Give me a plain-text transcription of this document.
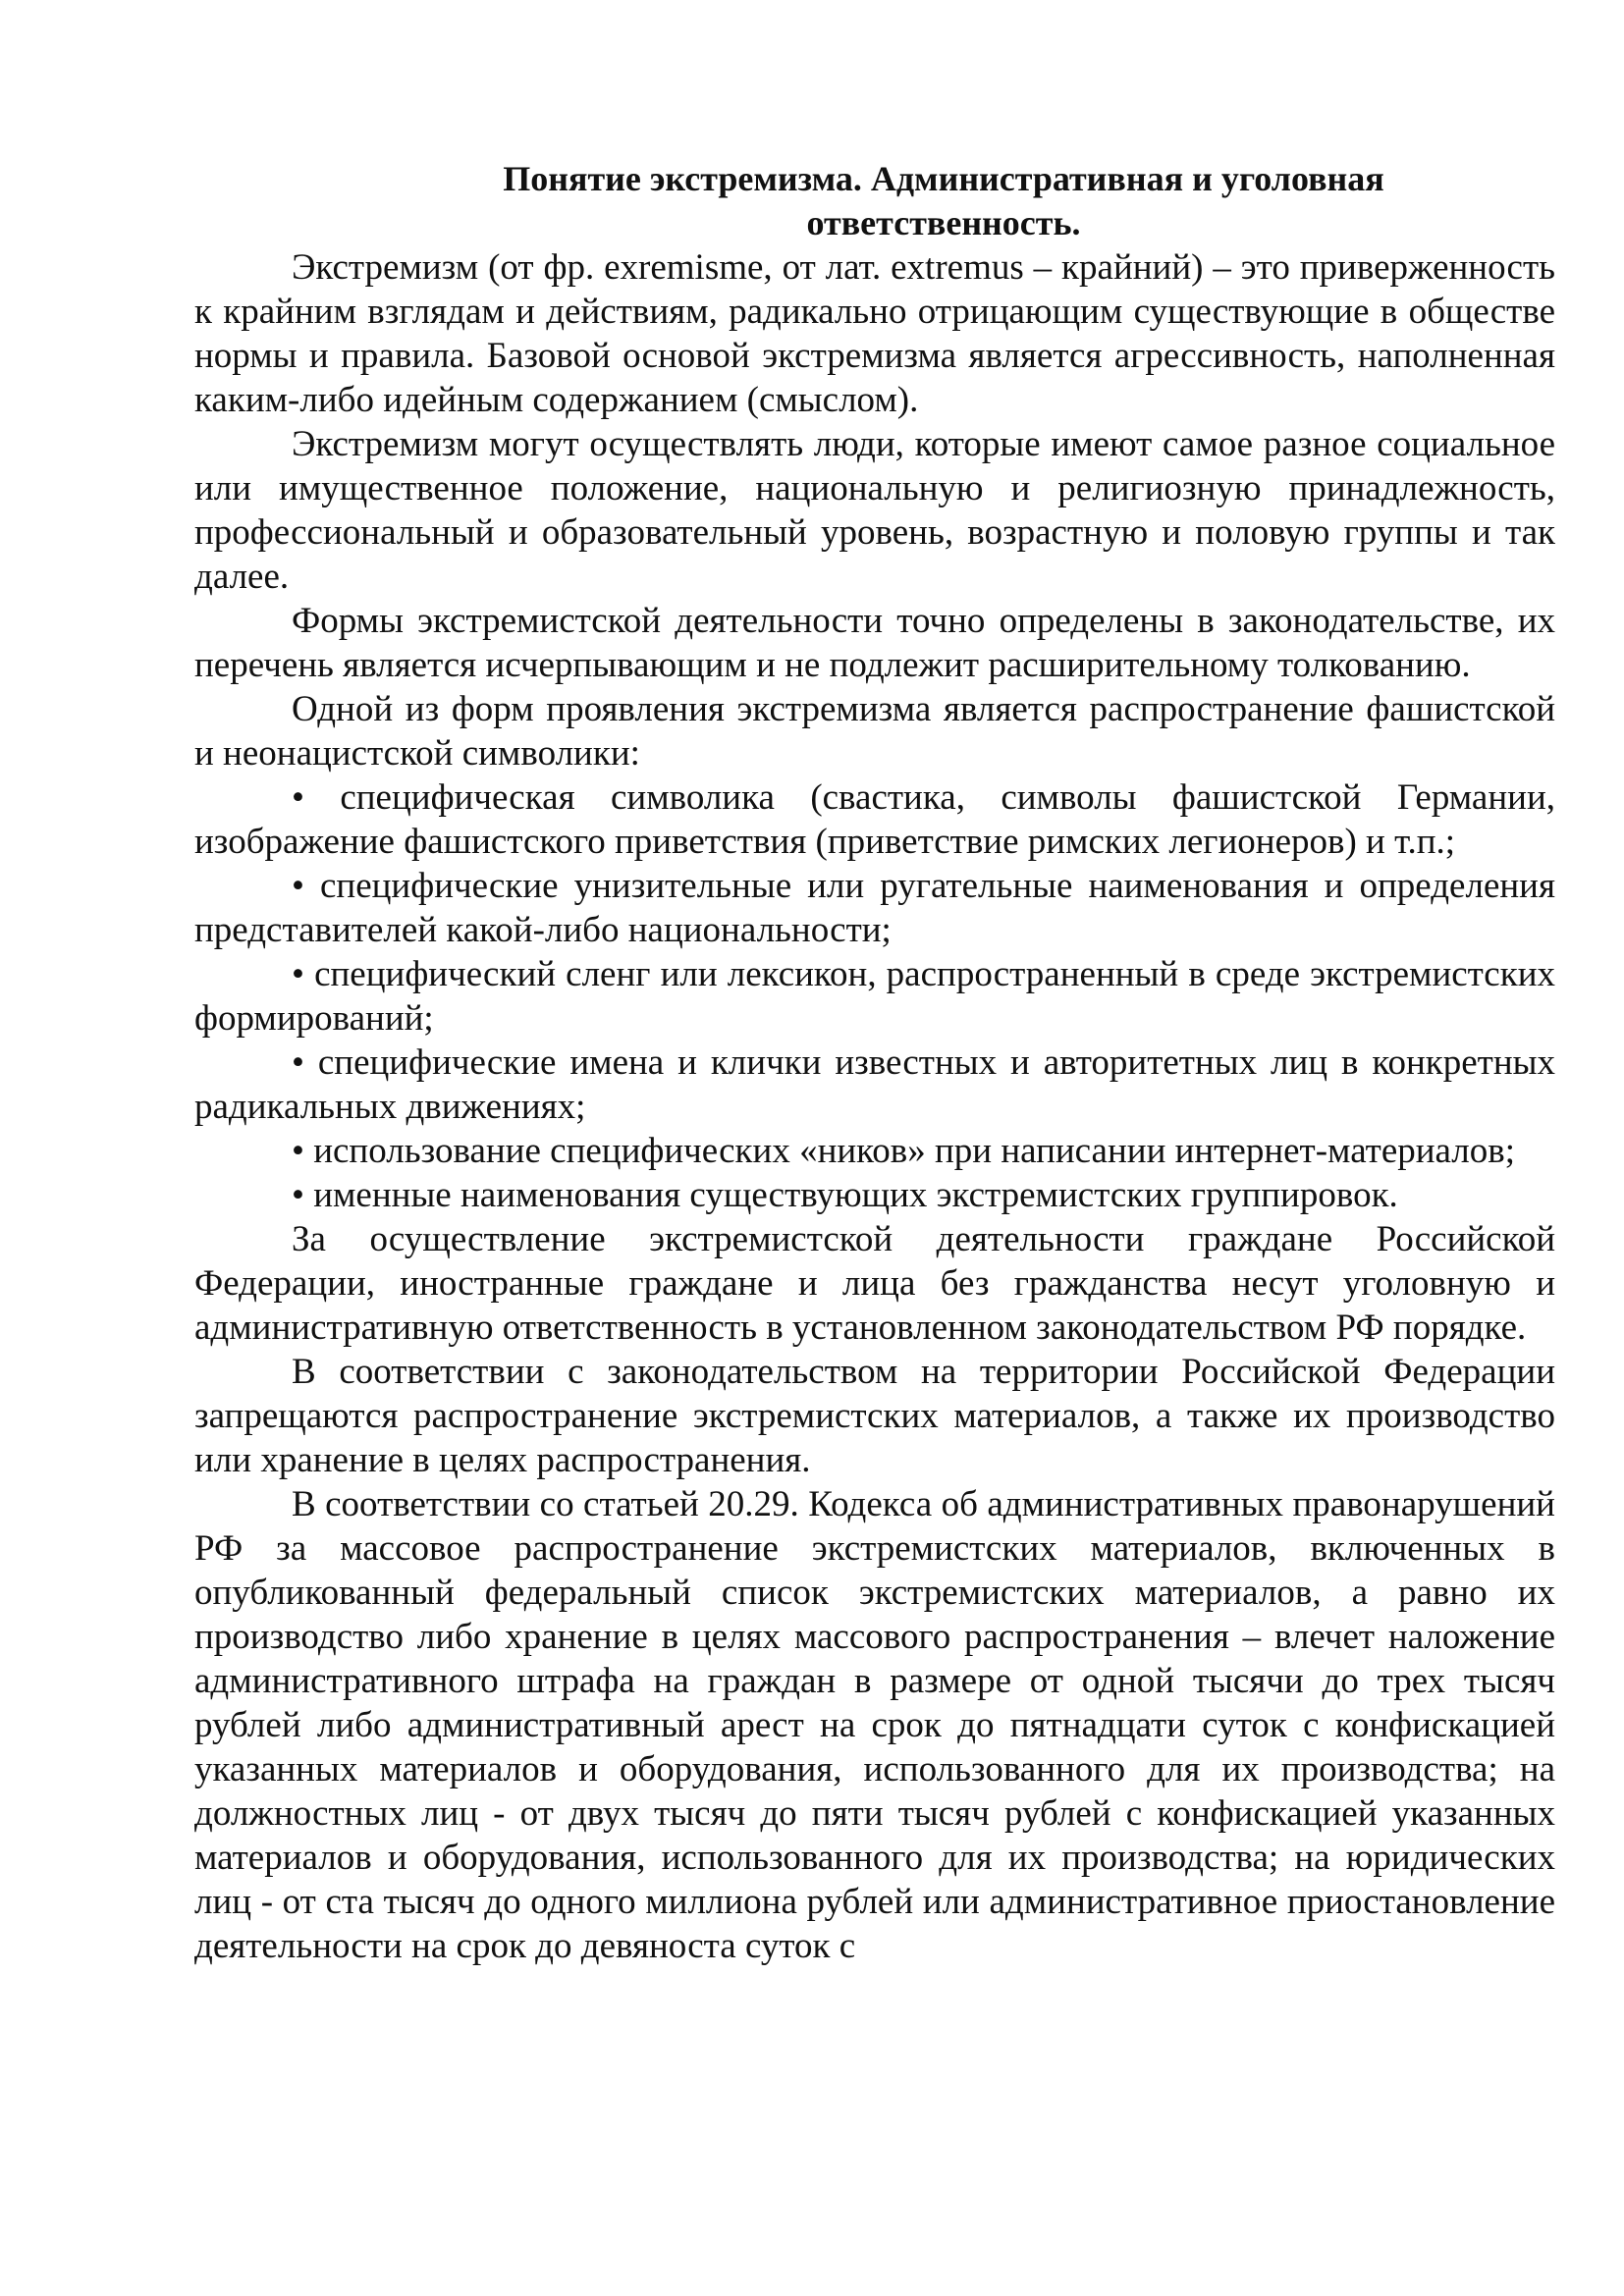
Понятие экстремизма. Административная и уголовная
ответственность.

Экстремизм (от фр. exremisme, от лат. extremus – крайний) – это приверженность к крайним взглядам и действиям, радикально отрицающим существующие в обществе нормы и правила. Базовой основой экстремизма является агрессивность, наполненная каким-либо идейным содержанием (смыслом).

Экстремизм могут осуществлять люди, которые имеют самое разное социальное или имущественное положение, национальную и религиозную принадлежность, профессиональный и образовательный уровень, возрастную и половую группы и так далее.

Формы экстремистской деятельности точно определены в законодательстве, их перечень является исчерпывающим и не подлежит расширительному толкованию.

Одной из форм проявления экстремизма является распространение фашистской и неонацистской символики:

• специфическая символика (свастика, символы фашистской Германии, изображение фашистского приветствия (приветствие римских легионеров) и т.п.;

• специфические унизительные или ругательные наименования и определения представителей какой-либо национальности;

• специфический сленг или лексикон, распространенный в среде экстремистских формирований;

• специфические имена и клички известных и авторитетных лиц в конкретных радикальных движениях;

• использование специфических «ников» при написании интернет-материалов;

• именные наименования существующих экстремистских группировок.

За осуществление экстремистской деятельности граждане Российской Федерации, иностранные граждане и лица без гражданства несут уголовную и административную ответственность в установленном законодательством РФ порядке.

В соответствии с законодательством на территории Российской Федерации запрещаются распространение экстремистских материалов, а также их производство или хранение в целях распространения.

В соответствии со статьей 20.29. Кодекса об административных правонарушений РФ за массовое распространение экстремистских материалов, включенных в опубликованный федеральный список экстремистских материалов, а равно их производство либо хранение в целях массового распространения – влечет наложение административного штрафа на граждан в размере от одной тысячи до трех тысяч рублей либо административный арест на срок до пятнадцати суток с конфискацией указанных материалов и оборудования, использованного для их производства; на должностных лиц - от двух тысяч до пяти тысяч рублей с конфискацией указанных материалов и оборудования, использованного для их производства; на юридических лиц - от ста тысяч до одного миллиона рублей или административное приостановление деятельности на срок до девяноста суток с
